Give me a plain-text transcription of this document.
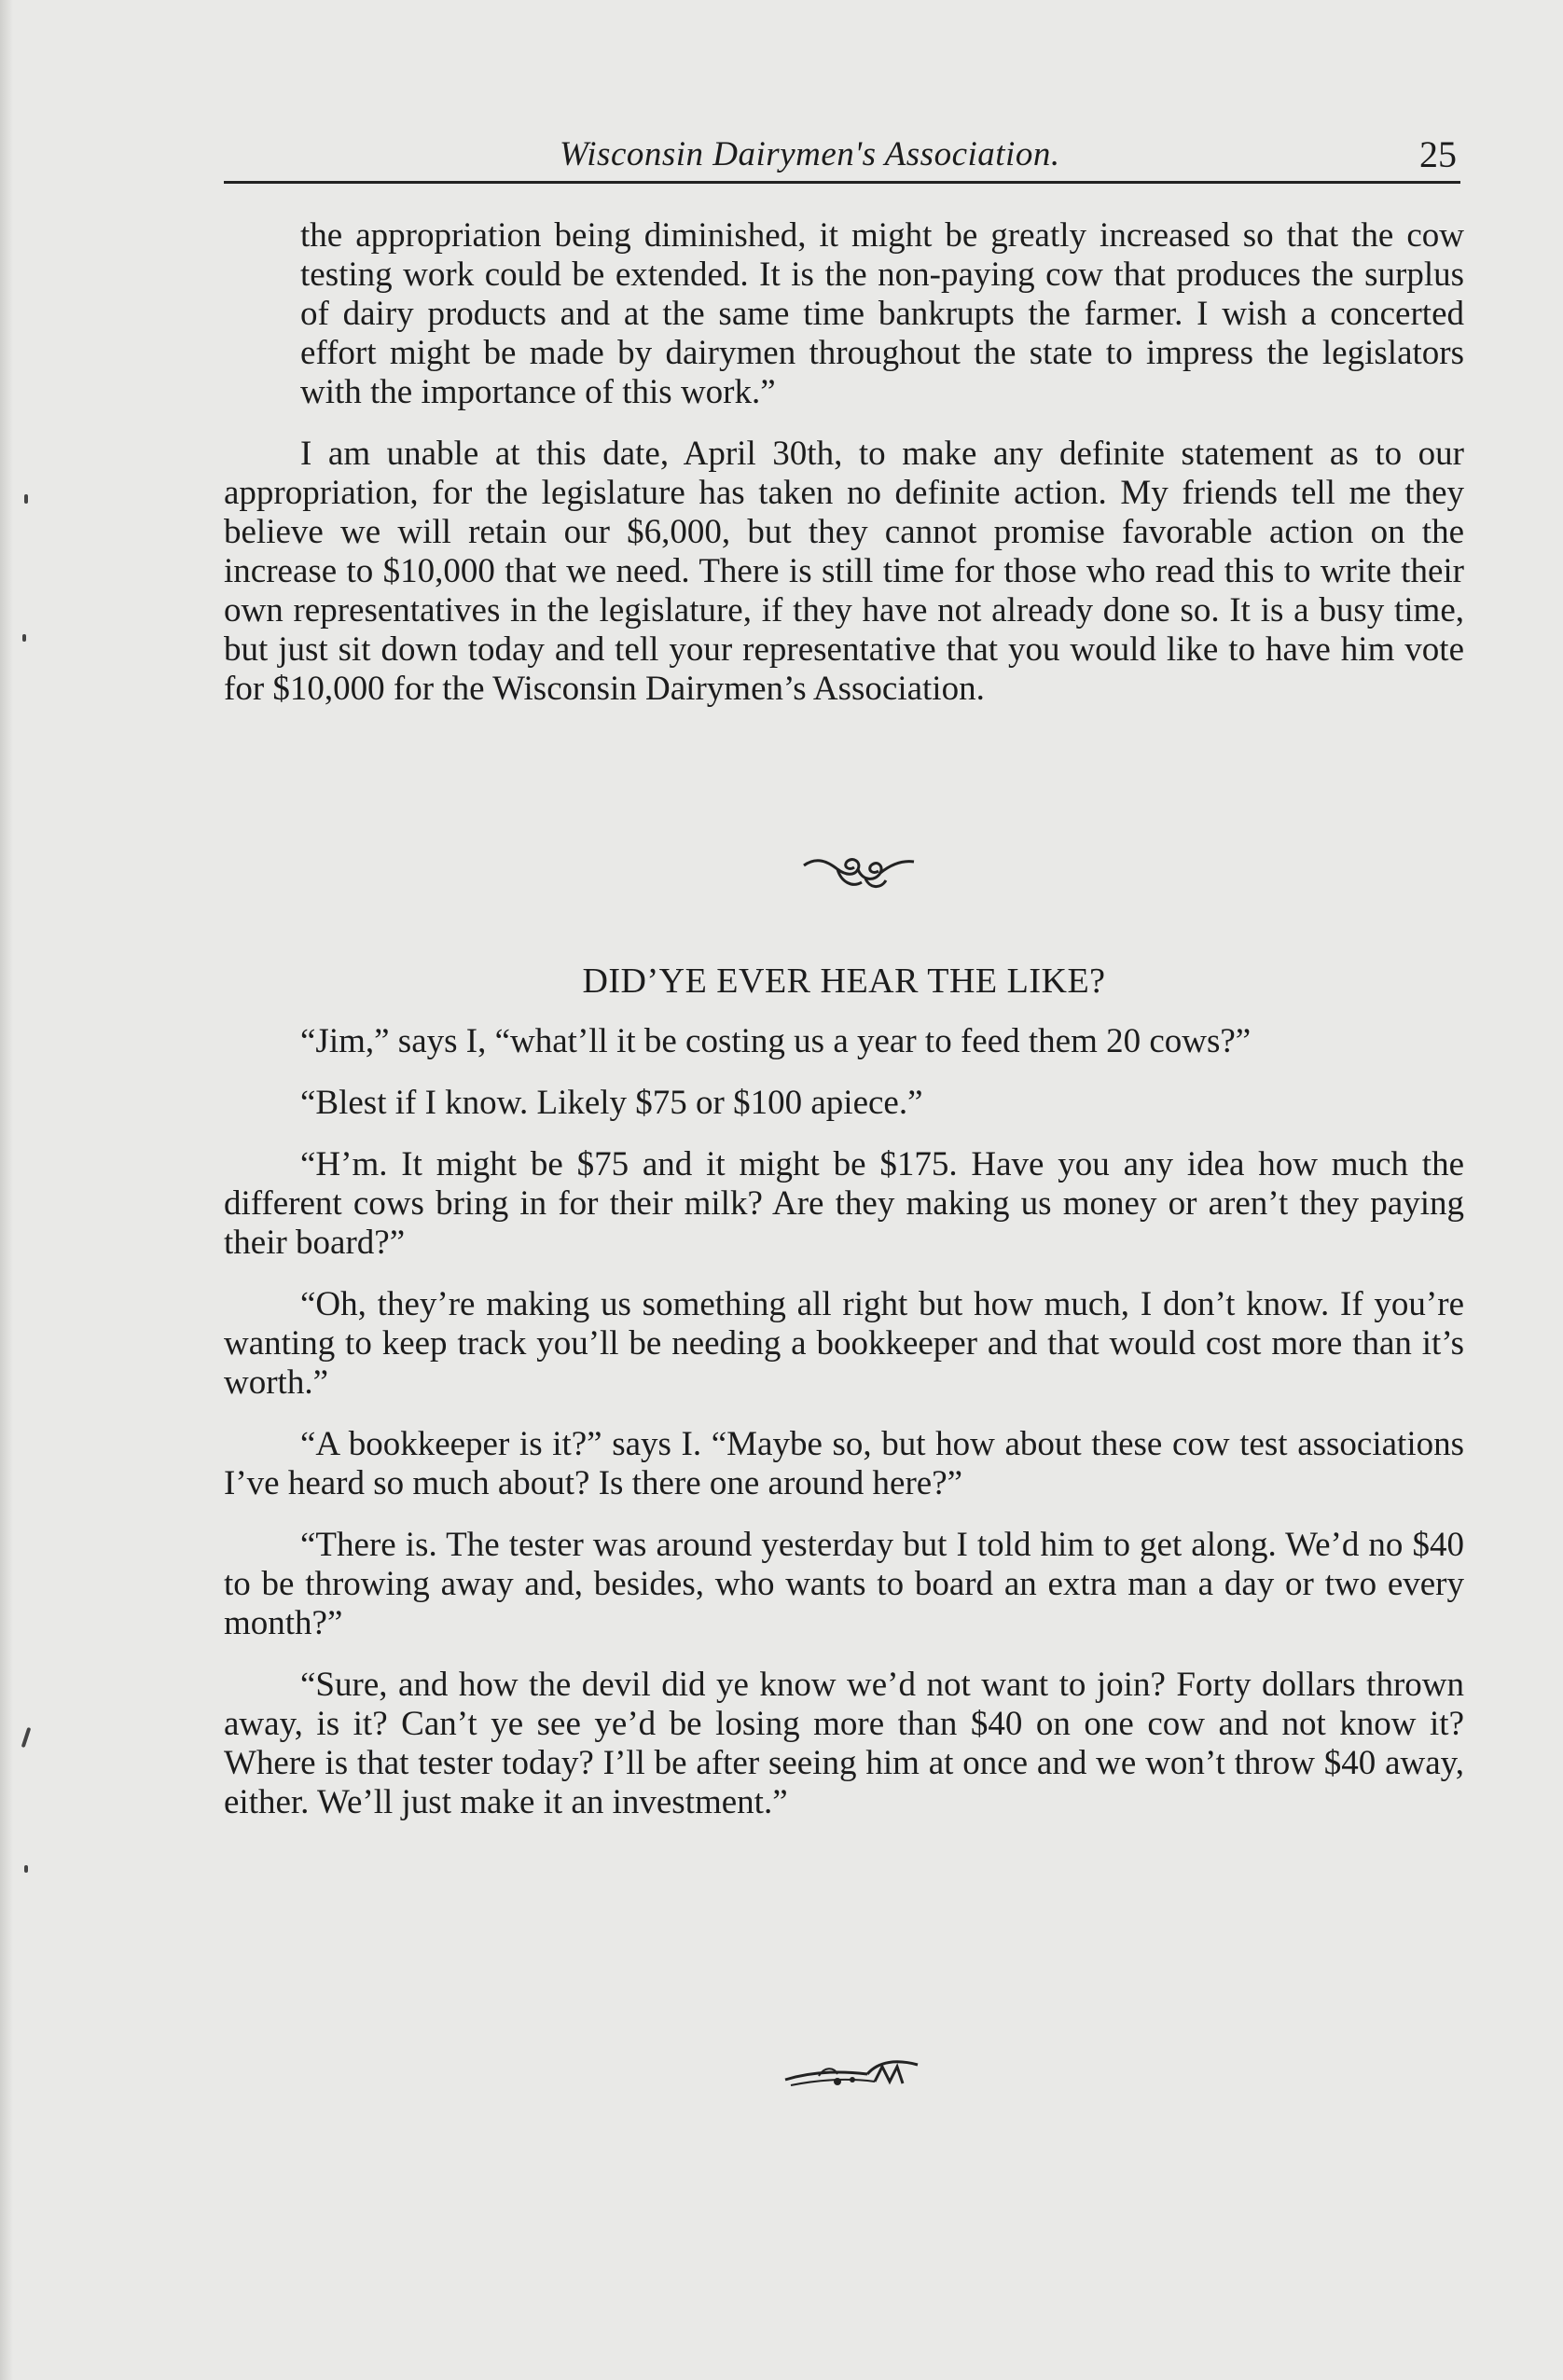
Wisconsin Dairymen's Association.	25

the appropriation being diminished, it might be greatly increased so that the cow testing work could be extended. It is the non-paying cow that produces the surplus of dairy products and at the same time bankrupts the farmer. I wish a concerted effort might be made by dairymen throughout the state to impress the legislators with the importance of this work.”

I am unable at this date, April 30th, to make any definite statement as to our appropriation, for the legislature has taken no definite action. My friends tell me they believe we will retain our $6,000, but they cannot promise favorable action on the increase to $10,000 that we need. There is still time for those who read this to write their own representatives in the legislature, if they have not already done so. It is a busy time, but just sit down today and tell your representative that you would like to have him vote for $10,000 for the Wisconsin Dairymen’s Association.

DID’YE EVER HEAR THE LIKE?

“Jim,” says I, “what’ll it be costing us a year to feed them 20 cows?”

“Blest if I know. Likely $75 or $100 apiece.”

“H’m. It might be $75 and it might be $175. Have you any idea how much the different cows bring in for their milk? Are they making us money or aren’t they paying their board?”

“Oh, they’re making us something all right but how much, I don’t know. If you’re wanting to keep track you’ll be needing a bookkeeper and that would cost more than it’s worth.”

“A bookkeeper is it?” says I. “Maybe so, but how about these cow test associations I’ve heard so much about? Is there one around here?”

“There is. The tester was around yesterday but I told him to get along. We’d no $40 to be throwing away and, besides, who wants to board an extra man a day or two every month?”

“Sure, and how the devil did ye know we’d not want to join? Forty dollars thrown away, is it? Can’t ye see ye’d be losing more than $40 on one cow and not know it? Where is that tester today? I’ll be after seeing him at once and we won’t throw $40 away, either. We’ll just make it an investment.”
